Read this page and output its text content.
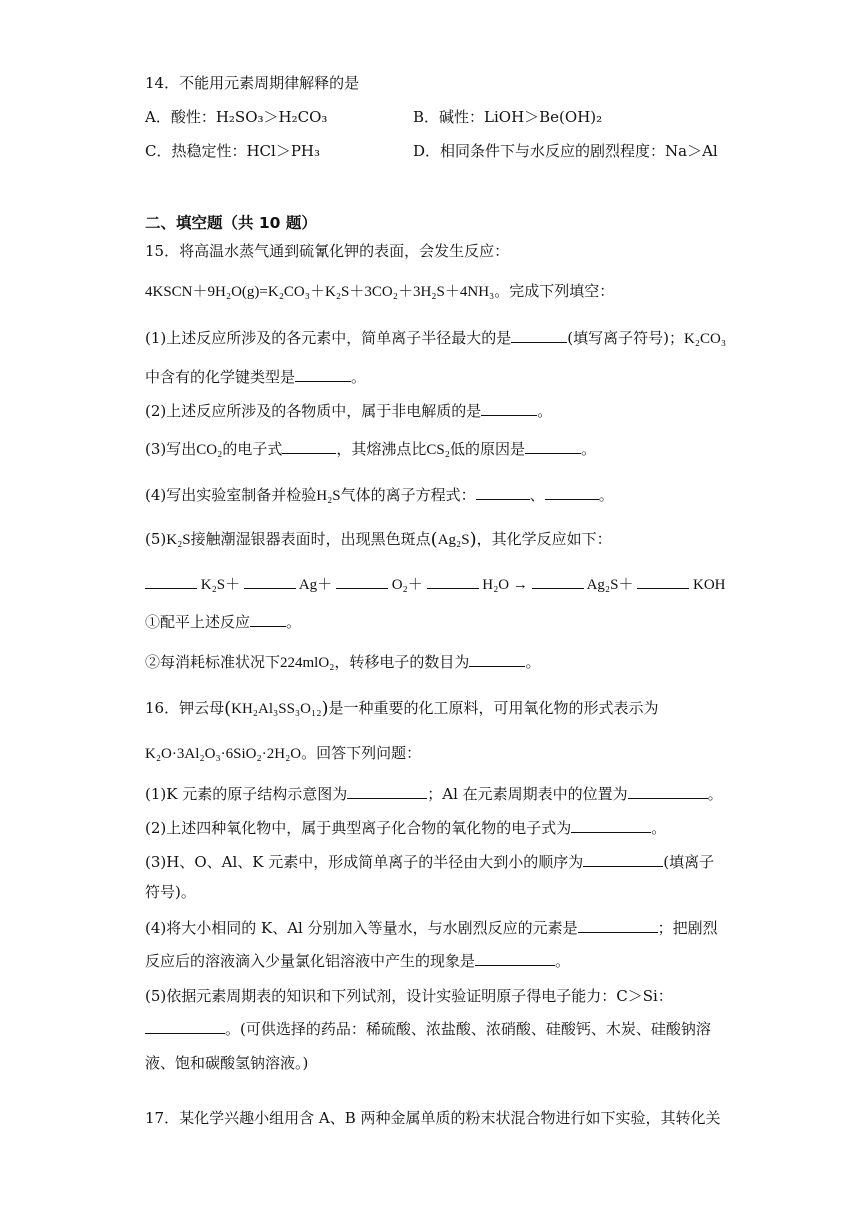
14．不能用元素周期律解释的是
A．酸性：H₂SO₃＞H₂CO₃	B．碱性：LiOH＞Be(OH)₂
C．热稳定性：HCl＞PH₃	D．相同条件下与水反应的剧烈程度：Na＞Al
二、填空题（共 10 题）
15．将高温水蒸气通到硫氰化钾的表面，会发生反应：
4KSCN＋9H₂O(g)=K₂CO₃＋K₂S＋3CO₂＋3H₂S＋4NH₃。完成下列填空：
(1)上述反应所涉及的各元素中，简单离子半径最大的是	(填写离子符号)；K₂CO₃
中含有的化学键类型是	。
(2)上述反应所涉及的各物质中，属于非电解质的是	。
(3)写出CO₂的电子式	，其熔沸点比CS₂低的原因是	。
(4)写出实验室制备并检验H₂S气体的离子方程式：	、	。
(5)K₂S接触潮湿银器表面时，出现黑色斑点(Ag₂S)，其化学反应如下：
K₂S＋	Ag＋	O₂＋	H₂O →	Ag₂S＋	KOH
①配平上述反应 。
②每消耗标准状况下224mlO₂，转移电子的数目为	。
16．钾云母(KH₂Al₃SS₃O₁₂)是一种重要的化工原料，可用氧化物的形式表示为
K₂O·3Al₂O₃·6SiO₂·2H₂O。回答下列问题：
(1)K 元素的原子结构示意图为	；Al 在元素周期表中的位置为	。
(2)上述四种氧化物中，属于典型离子化合物的氧化物的电子式为	。
(3)H、O、Al、K 元素中，形成简单离子的半径由大到小的顺序为	(填离子
符号)。
(4)将大小相同的 K、Al 分别加入等量水，与水剧烈反应的元素是	；把剧烈
反应后的溶液滴入少量氯化铝溶液中产生的现象是	。
(5)依据元素周期表的知识和下列试剂，设计实验证明原子得电子能力：C＞Si：
。(可供选择的药品：稀硫酸、浓盐酸、浓硝酸、硅酸钙、木炭、硅酸钠溶
液、饱和碳酸氢钠溶液。)
17．某化学兴趣小组用含 A、B 两种金属单质的粉末状混合物进行如下实验，其转化关
